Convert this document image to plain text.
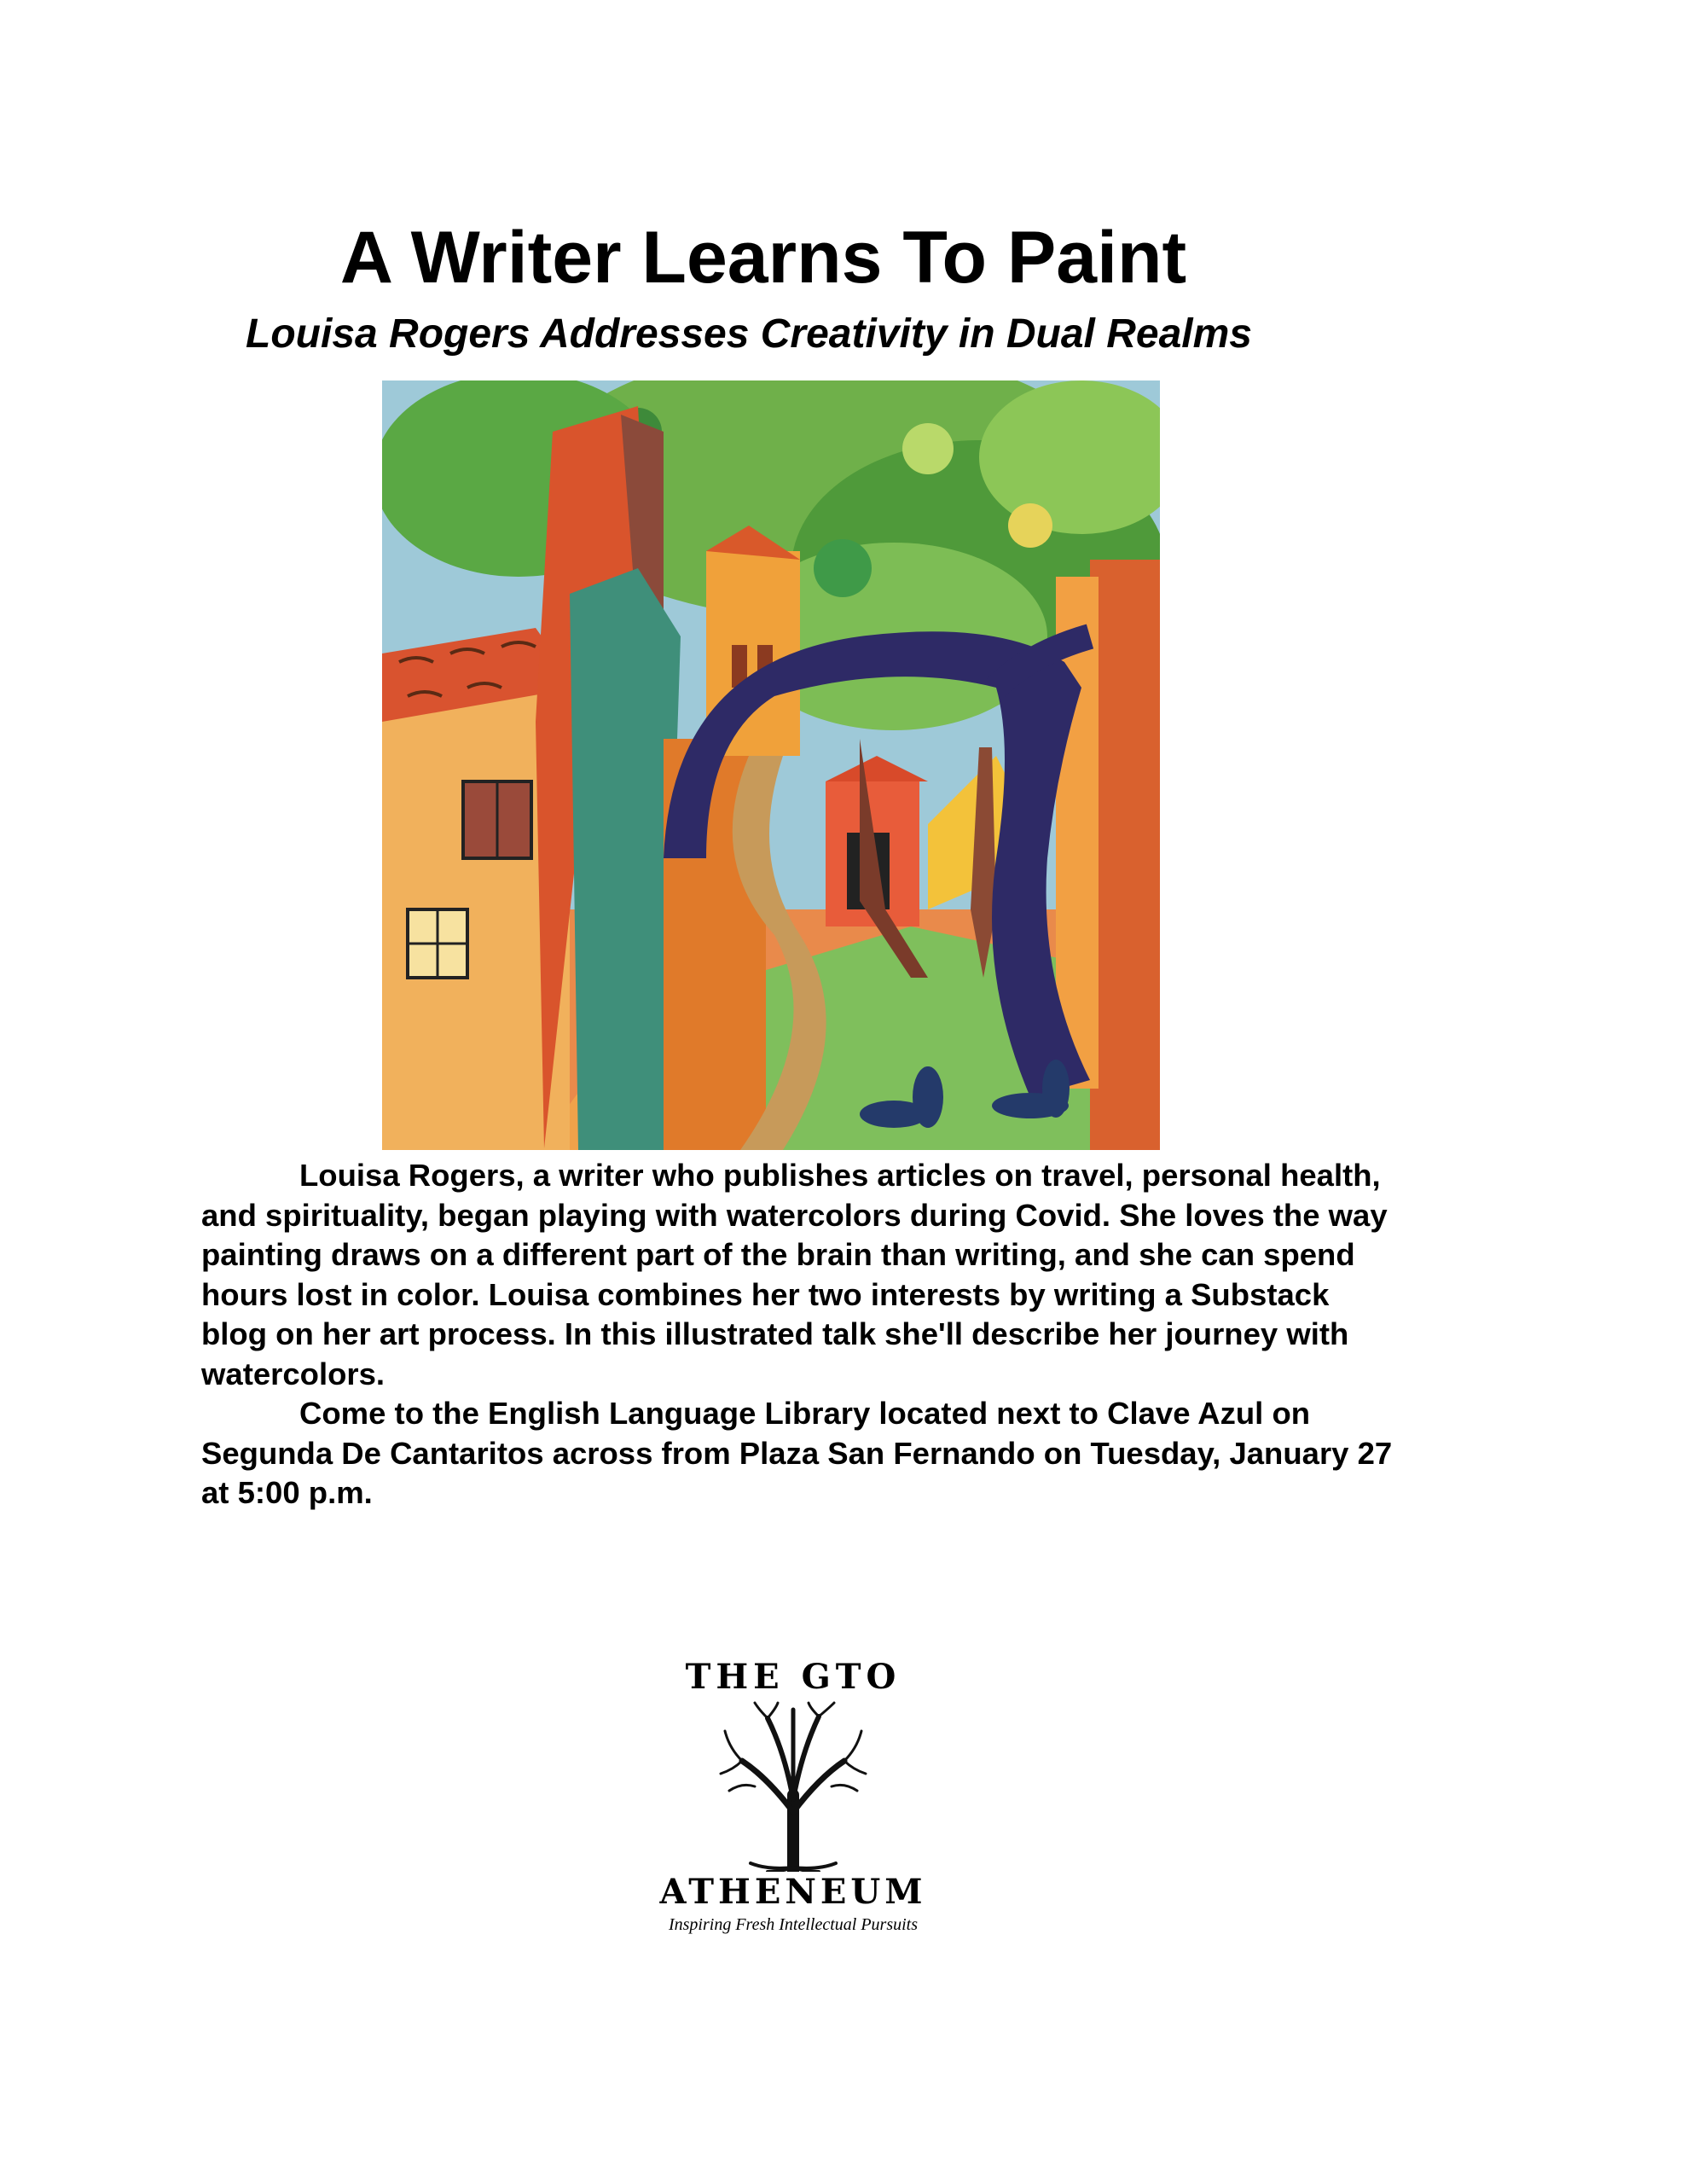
A Writer Learns To Paint
Louisa Rogers Addresses Creativity in Dual Realms

Louisa Rogers, a writer who publishes articles on travel, personal health, and spirituality, began playing with watercolors during Covid. She loves the way painting draws on a different part of the brain than writing, and she can spend hours lost in color. Louisa combines her two interests by writing a Substack blog on her art process. In this illustrated talk she'll describe her journey with watercolors.

Come to the English Language Library located next to Clave Azul on Segunda De Cantaritos across from Plaza San Fernando on Tuesday, January 27 at 5:00 p.m.

THE GTO
ATHENEUM
Inspiring Fresh Intellectual Pursuits
